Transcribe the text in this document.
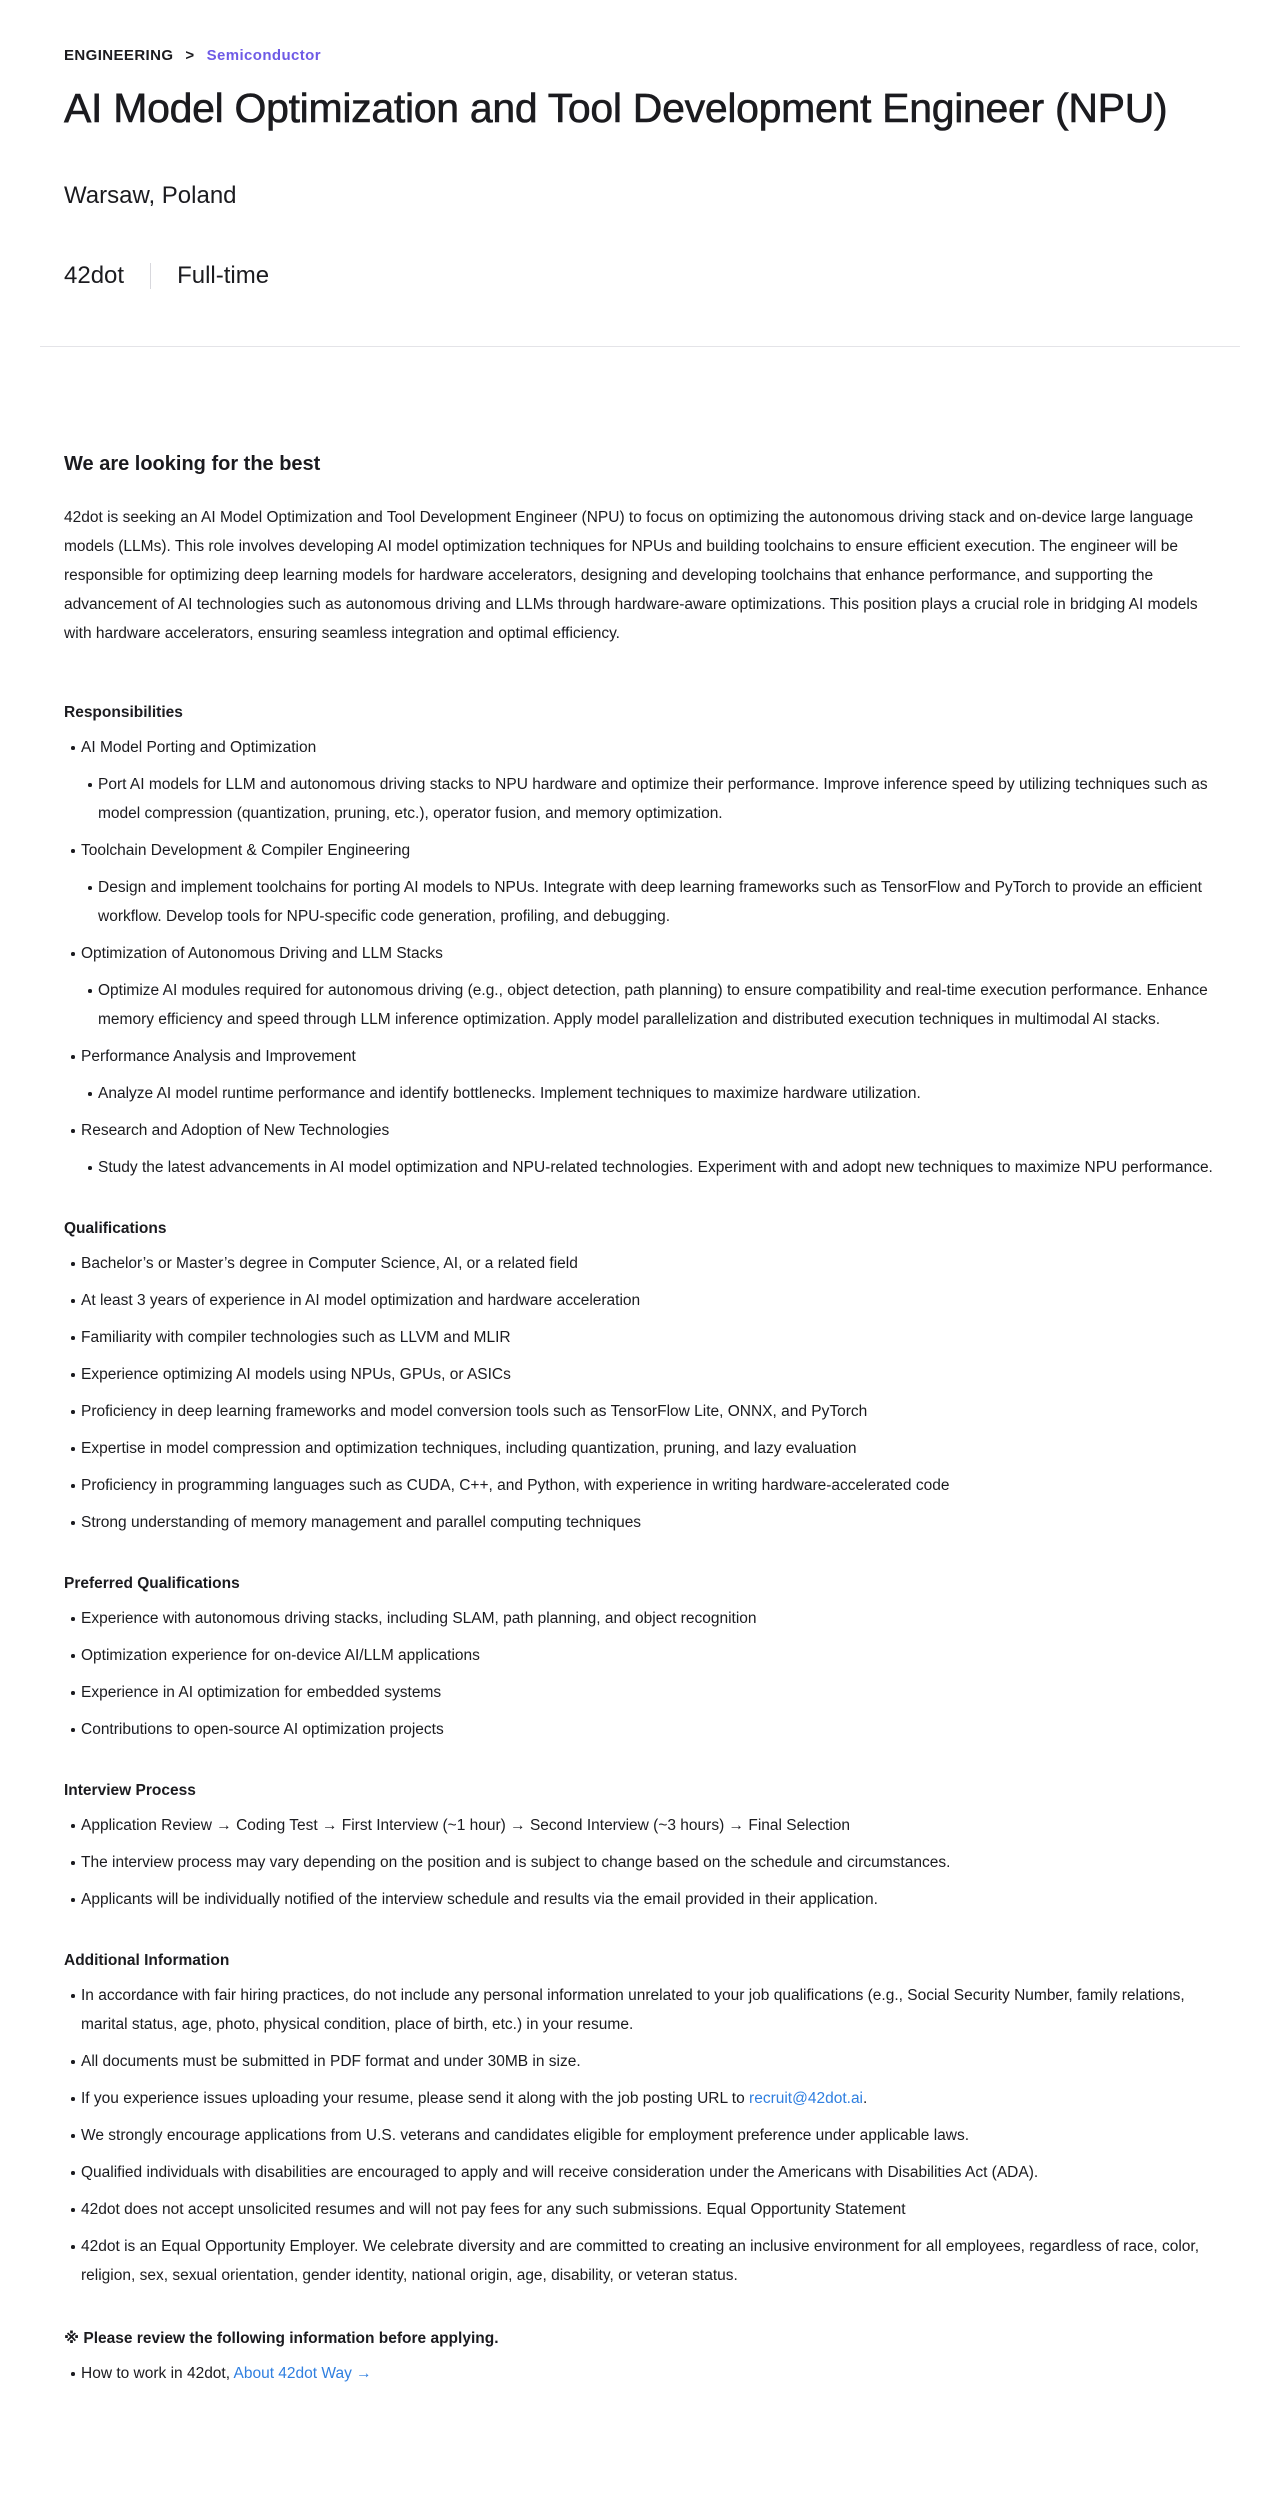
ENGINEERING > Semiconductor
AI Model Optimization and Tool Development Engineer (NPU)
Warsaw, Poland
42dot Full-time
We are looking for the best

42dot is seeking an AI Model Optimization and Tool Development Engineer (NPU) to focus on optimizing the autonomous driving stack and on-device large language models (LLMs). This role involves developing AI model optimization techniques for NPUs and building toolchains to ensure efficient execution. The engineer will be responsible for optimizing deep learning models for hardware accelerators, designing and developing toolchains that enhance performance, and supporting the advancement of AI technologies such as autonomous driving and LLMs through hardware-aware optimizations. This position plays a crucial role in bridging AI models with hardware accelerators, ensuring seamless integration and optimal efficiency.

Responsibilities
AI Model Porting and Optimization
Port AI models for LLM and autonomous driving stacks to NPU hardware and optimize their performance. Improve inference speed by utilizing techniques such as model compression (quantization, pruning, etc.), operator fusion, and memory optimization.
Toolchain Development & Compiler Engineering
Design and implement toolchains for porting AI models to NPUs. Integrate with deep learning frameworks such as TensorFlow and PyTorch to provide an efficient workflow. Develop tools for NPU-specific code generation, profiling, and debugging.
Optimization of Autonomous Driving and LLM Stacks
Optimize AI modules required for autonomous driving (e.g., object detection, path planning) to ensure compatibility and real-time execution performance. Enhance memory efficiency and speed through LLM inference optimization. Apply model parallelization and distributed execution techniques in multimodal AI stacks.
Performance Analysis and Improvement
Analyze AI model runtime performance and identify bottlenecks. Implement techniques to maximize hardware utilization.
Research and Adoption of New Technologies
Study the latest advancements in AI model optimization and NPU-related technologies. Experiment with and adopt new techniques to maximize NPU performance.
Qualifications
Bachelor’s or Master’s degree in Computer Science, AI, or a related field
At least 3 years of experience in AI model optimization and hardware acceleration
Familiarity with compiler technologies such as LLVM and MLIR
Experience optimizing AI models using NPUs, GPUs, or ASICs
Proficiency in deep learning frameworks and model conversion tools such as TensorFlow Lite, ONNX, and PyTorch
Expertise in model compression and optimization techniques, including quantization, pruning, and lazy evaluation
Proficiency in programming languages such as CUDA, C++, and Python, with experience in writing hardware-accelerated code
Strong understanding of memory management and parallel computing techniques
Preferred Qualifications
Experience with autonomous driving stacks, including SLAM, path planning, and object recognition
Optimization experience for on-device AI/LLM applications
Experience in AI optimization for embedded systems
Contributions to open-source AI optimization projects
Interview Process
Application Review → Coding Test → First Interview (~1 hour) → Second Interview (~3 hours) → Final Selection
The interview process may vary depending on the position and is subject to change based on the schedule and circumstances.
Applicants will be individually notified of the interview schedule and results via the email provided in their application.
Additional Information
In accordance with fair hiring practices, do not include any personal information unrelated to your job qualifications (e.g., Social Security Number, family relations, marital status, age, photo, physical condition, place of birth, etc.) in your resume.
All documents must be submitted in PDF format and under 30MB in size.
If you experience issues uploading your resume, please send it along with the job posting URL to recruit@42dot.ai.
We strongly encourage applications from U.S. veterans and candidates eligible for employment preference under applicable laws.
Qualified individuals with disabilities are encouraged to apply and will receive consideration under the Americans with Disabilities Act (ADA).
42dot does not accept unsolicited resumes and will not pay fees for any such submissions. Equal Opportunity Statement
42dot is an Equal Opportunity Employer. We celebrate diversity and are committed to creating an inclusive environment for all employees, regardless of race, color, religion, sex, sexual orientation, gender identity, national origin, age, disability, or veteran status.
※ Please review the following information before applying.
How to work in 42dot, About 42dot Way →
